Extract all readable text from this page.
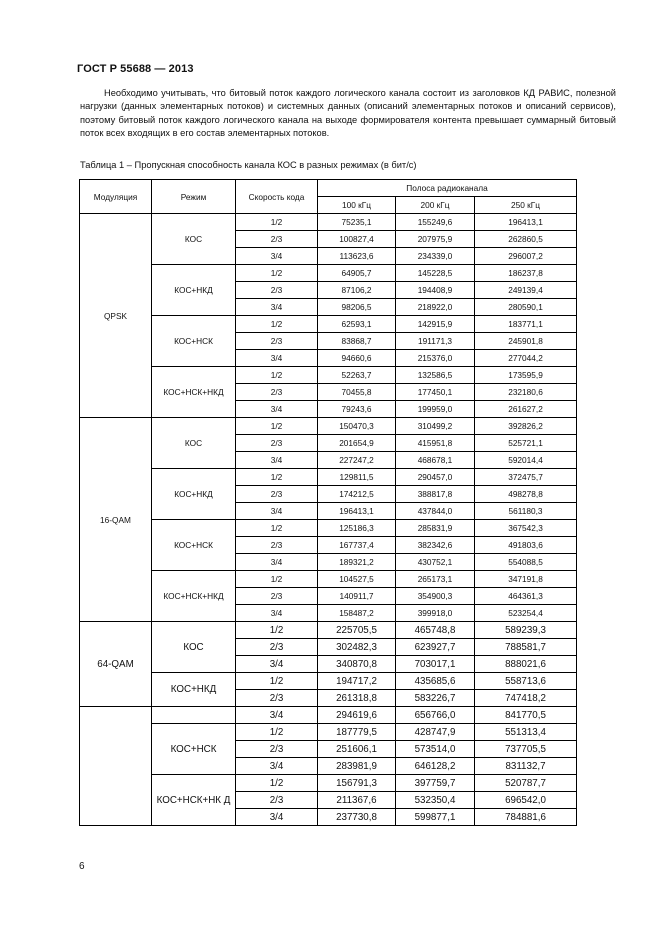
ГОСТ Р 55688 — 2013

Необходимо учитывать, что битовый поток каждого логического канала состоит из заголовков КД РАВИС, полезной нагрузки (данных элементарных потоков) и системных данных (описаний элементарных потоков и описаний сервисов), поэтому битовый поток каждого логического канала на выходе формирователя контента превышает суммарный битовый поток всех входящих в его состав элементарных потоков.

Таблица 1 – Пропускная способность канала КОС в разных режимах (в бит/с)
Модуляция	Режим	Скорость кода	Полоса радиоканала		
			100 кГц	200 кГц	250 кГц
QPSK	КОС	1/2	75235,1	155249,6	196413,1
		2/3	100827,4	207975,9	262860,5
		3/4	113623,6	234339,0	296007,2
	КОС+НКД	1/2	64905,7	145228,5	186237,8
		2/3	87106,2	194408,9	249139,4
		3/4	98206,5	218922,0	280590,1
	КОС+НСК	1/2	62593,1	142915,9	183771,1
		2/3	83868,7	191171,3	245901,8
		3/4	94660,6	215376,0	277044,2
	КОС+НСК+НКД	1/2	52263,7	132586,5	173595,9
		2/3	70455,8	177450,1	232180,6
		3/4	79243,6	199959,0	261627,2
16-QAM	КОС	1/2	150470,3	310499,2	392826,2
		2/3	201654,9	415951,8	525721,1
		3/4	227247,2	468678,1	592014,4
	КОС+НКД	1/2	129811,5	290457,0	372475,7
		2/3	174212,5	388817,8	498278,8
		3/4	196413,1	437844,0	561180,3
	КОС+НСК	1/2	125186,3	285831,9	367542,3
		2/3	167737,4	382342,6	491803,6
		3/4	189321,2	430752,1	554088,5
	КОС+НСК+НКД	1/2	104527,5	265173,1	347191,8
		2/3	140911,7	354900,3	464361,3
		3/4	158487,2	399918,0	523254,4
64-QAM	КОС	1/2	225705,5	465748,8	589239,3
		2/3	302482,3	623927,7	788581,7
		3/4	340870,8	703017,1	888021,6
	КОС+НКД	1/2	194717,2	435685,6	558713,6
		2/3	261318,8	583226,7	747418,2
		3/4	294619,6	656766,0	841770,5
	КОС+НСК	1/2	187779,5	428747,9	551313,4
		2/3	251606,1	573514,0	737705,5
		3/4	283981,9	646128,2	831132,7
	КОС+НСК+НК Д	1/2	156791,3	397759,7	520787,7
		2/3	211367,6	532350,4	696542,0
		3/4	237730,8	599877,1	784881,6
6
